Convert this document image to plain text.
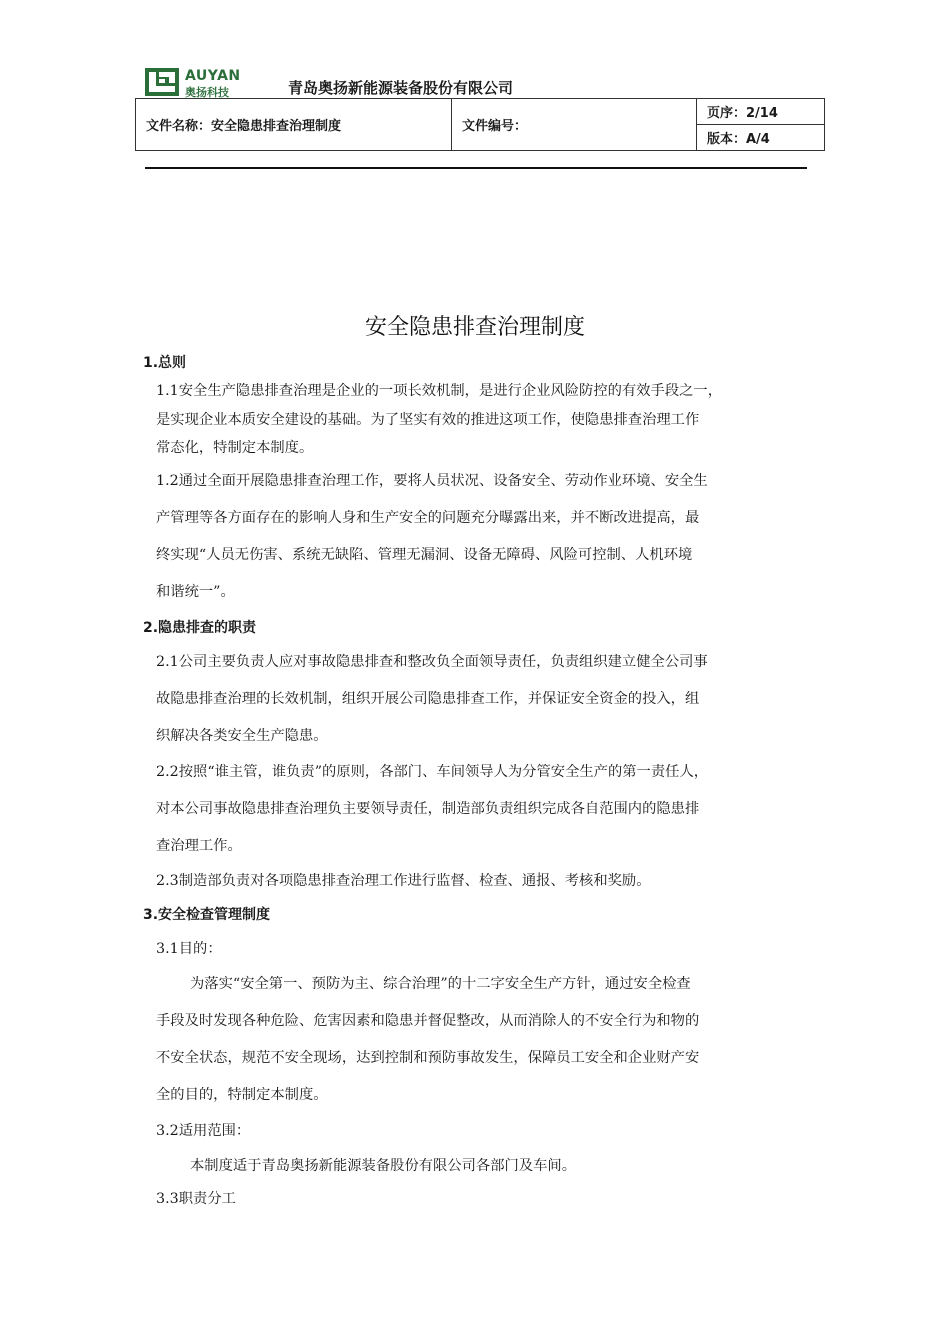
AUYAN
奥扬科技	青岛奥扬新能源装备股份有限公司
文件名称：安全隐患排查治理制度	文件编号：	页序：2/14
版本：A/4
安全隐患排查治理制度
1.总则
1.1安全生产隐患排查治理是企业的一项长效机制，是进行企业风险防控的有效手段之一，
是实现企业本质安全建设的基础。为了坚实有效的推进这项工作，使隐患排查治理工作
常态化，特制定本制度。
1.2通过全面开展隐患排查治理工作，要将人员状况、设备安全、劳动作业环境、安全生
产管理等各方面存在的影响人身和生产安全的问题充分曝露出来，并不断改进提高，最
终实现“人员无伤害、系统无缺陷、管理无漏洞、设备无障碍、风险可控制、人机环境
和谐统一”。
2.隐患排查的职责
2.1公司主要负责人应对事故隐患排查和整改负全面领导责任，负责组织建立健全公司事
故隐患排查治理的长效机制，组织开展公司隐患排查工作，并保证安全资金的投入，组
织解决各类安全生产隐患。
2.2按照“谁主管，谁负责”的原则，各部门、车间领导人为分管安全生产的第一责任人，
对本公司事故隐患排查治理负主要领导责任，制造部负责组织完成各自范围内的隐患排
查治理工作。
2.3制造部负责对各项隐患排查治理工作进行监督、检查、通报、考核和奖励。
3.安全检查管理制度
3.1目的：
为落实“安全第一、预防为主、综合治理”的十二字安全生产方针，通过安全检查
手段及时发现各种危险、危害因素和隐患并督促整改，从而消除人的不安全行为和物的
不安全状态，规范不安全现场，达到控制和预防事故发生，保障员工安全和企业财产安
全的目的，特制定本制度。
3.2适用范围：
本制度适于青岛奥扬新能源装备股份有限公司各部门及车间。
3.3职责分工
